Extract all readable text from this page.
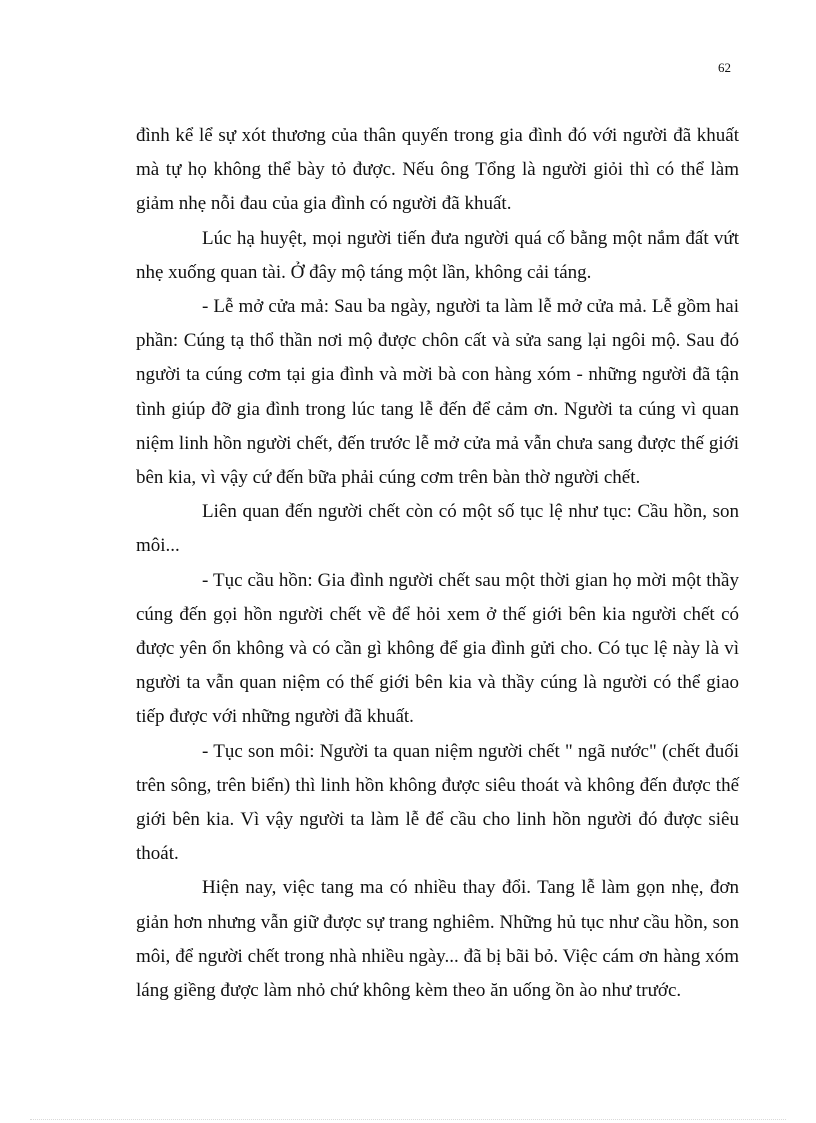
62

đình kể lể sự xót thương của thân quyến trong gia đình đó với người đã khuất mà tự họ không thể bày tỏ được. Nếu ông Tổng là người giỏi thì có thể làm giảm nhẹ nỗi đau của gia đình có người đã khuất.

Lúc hạ huyệt, mọi người tiến đưa người quá cố bằng một nắm đất vứt nhẹ xuống quan tài. Ở đây mộ táng một lần, không cải táng.

- Lễ mở cửa mả: Sau ba ngày, người ta làm lễ mở cửa mả. Lễ gồm hai phần: Cúng tạ thổ thần nơi mộ được chôn cất và sửa sang lại ngôi mộ. Sau đó người ta cúng cơm tại gia đình và mời bà con hàng xóm - những người đã tận tình giúp đỡ gia đình trong lúc tang lễ đến để cảm ơn. Người ta cúng vì quan niệm linh hồn người chết, đến trước lễ mở cửa mả vẫn chưa sang được thế giới bên kia, vì vậy cứ đến bữa phải cúng cơm trên bàn thờ người chết.

Liên quan đến người chết còn có một số tục lệ như tục: Cầu hồn, son môi...

- Tục cầu hồn: Gia đình người chết sau một thời gian họ mời một thầy cúng đến gọi hồn người chết về để hỏi xem ở thế giới bên kia người chết có được yên ổn không và có cần gì không để gia đình gửi cho. Có tục lệ này là vì người ta vẫn quan niệm có thế giới bên kia và thầy cúng là người có thể giao tiếp được với những người đã khuất.

- Tục son môi: Người ta quan niệm người chết " ngã nước" (chết đuối trên sông, trên biển) thì linh hồn không được siêu thoát và không đến được thế giới bên kia. Vì vậy người ta làm lễ để cầu cho linh hồn người đó được siêu thoát.

Hiện nay, việc tang ma có nhiều thay đổi. Tang lễ làm gọn nhẹ, đơn giản hơn nhưng vẫn giữ được sự trang nghiêm. Những hủ tục như cầu hồn, son môi, để người chết trong nhà nhiều ngày... đã bị bãi bỏ. Việc cám ơn hàng xóm láng giềng được làm nhỏ chứ không kèm theo ăn uống ồn ào như trước.
